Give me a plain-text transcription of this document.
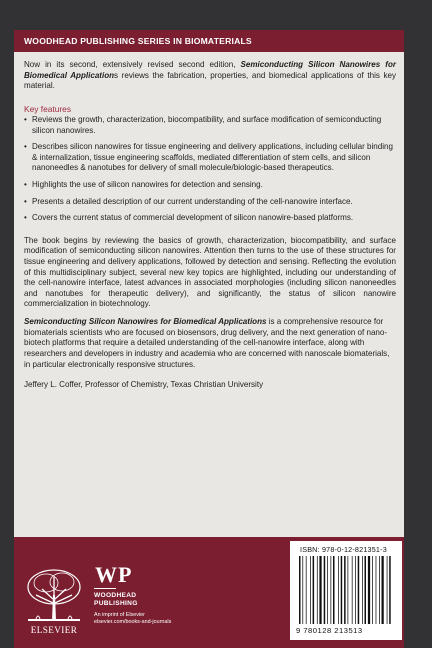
WOODHEAD PUBLISHING SERIES IN BIOMATERIALS

Now in its second, extensively revised second edition, Semiconducting Silicon Nanowires for Biomedical Applications reviews the fabrication, properties, and biomedical applications of this key material.

Key features

• Reviews the growth, characterization, biocompatibility, and surface modification of semiconducting silicon nanowires.
• Describes silicon nanowires for tissue engineering and delivery applications, including cellular binding & internalization, tissue engineering scaffolds, mediated differentiation of stem cells, and silicon nanoneedles & nanotubes for delivery of small molecule/biologic-based therapeutics.
• Highlights the use of silicon nanowires for detection and sensing.
• Presents a detailed description of our current understanding of the cell-nanowire interface.
• Covers the current status of commercial development of silicon nanowire-based platforms.

The book begins by reviewing the basics of growth, characterization, biocompatibility, and surface modification of semiconducting silicon nanowires. Attention then turns to the use of these structures for tissue engineering and delivery applications, followed by detection and sensing. Reflecting the evolution of this multidisciplinary subject, several new key topics are highlighted, including our understanding of the cell-nanowire interface, latest advances in associated morphologies (including silicon nanoneedles and nanotubes for therapeutic delivery), and significantly, the status of silicon nanowire commercialization in biotechnology.

Semiconducting Silicon Nanowires for Biomedical Applications is a comprehensive resource for biomaterials scientists who are focused on biosensors, drug delivery, and the next generation of nano-biotech platforms that require a detailed understanding of the cell-nanowire interface, along with researchers and developers in industry and academia who are concerned with nanoscale biomaterials, in particular electronically responsive structures.

Jeffery L. Coffer, Professor of Chemistry, Texas Christian University

ELSEVIER
WP
WOODHEAD
PUBLISHING
An imprint of Elsevier
elsevier.com/books-and-journals
ISBN: 978-0-12-821351-3
9 780128 213513
